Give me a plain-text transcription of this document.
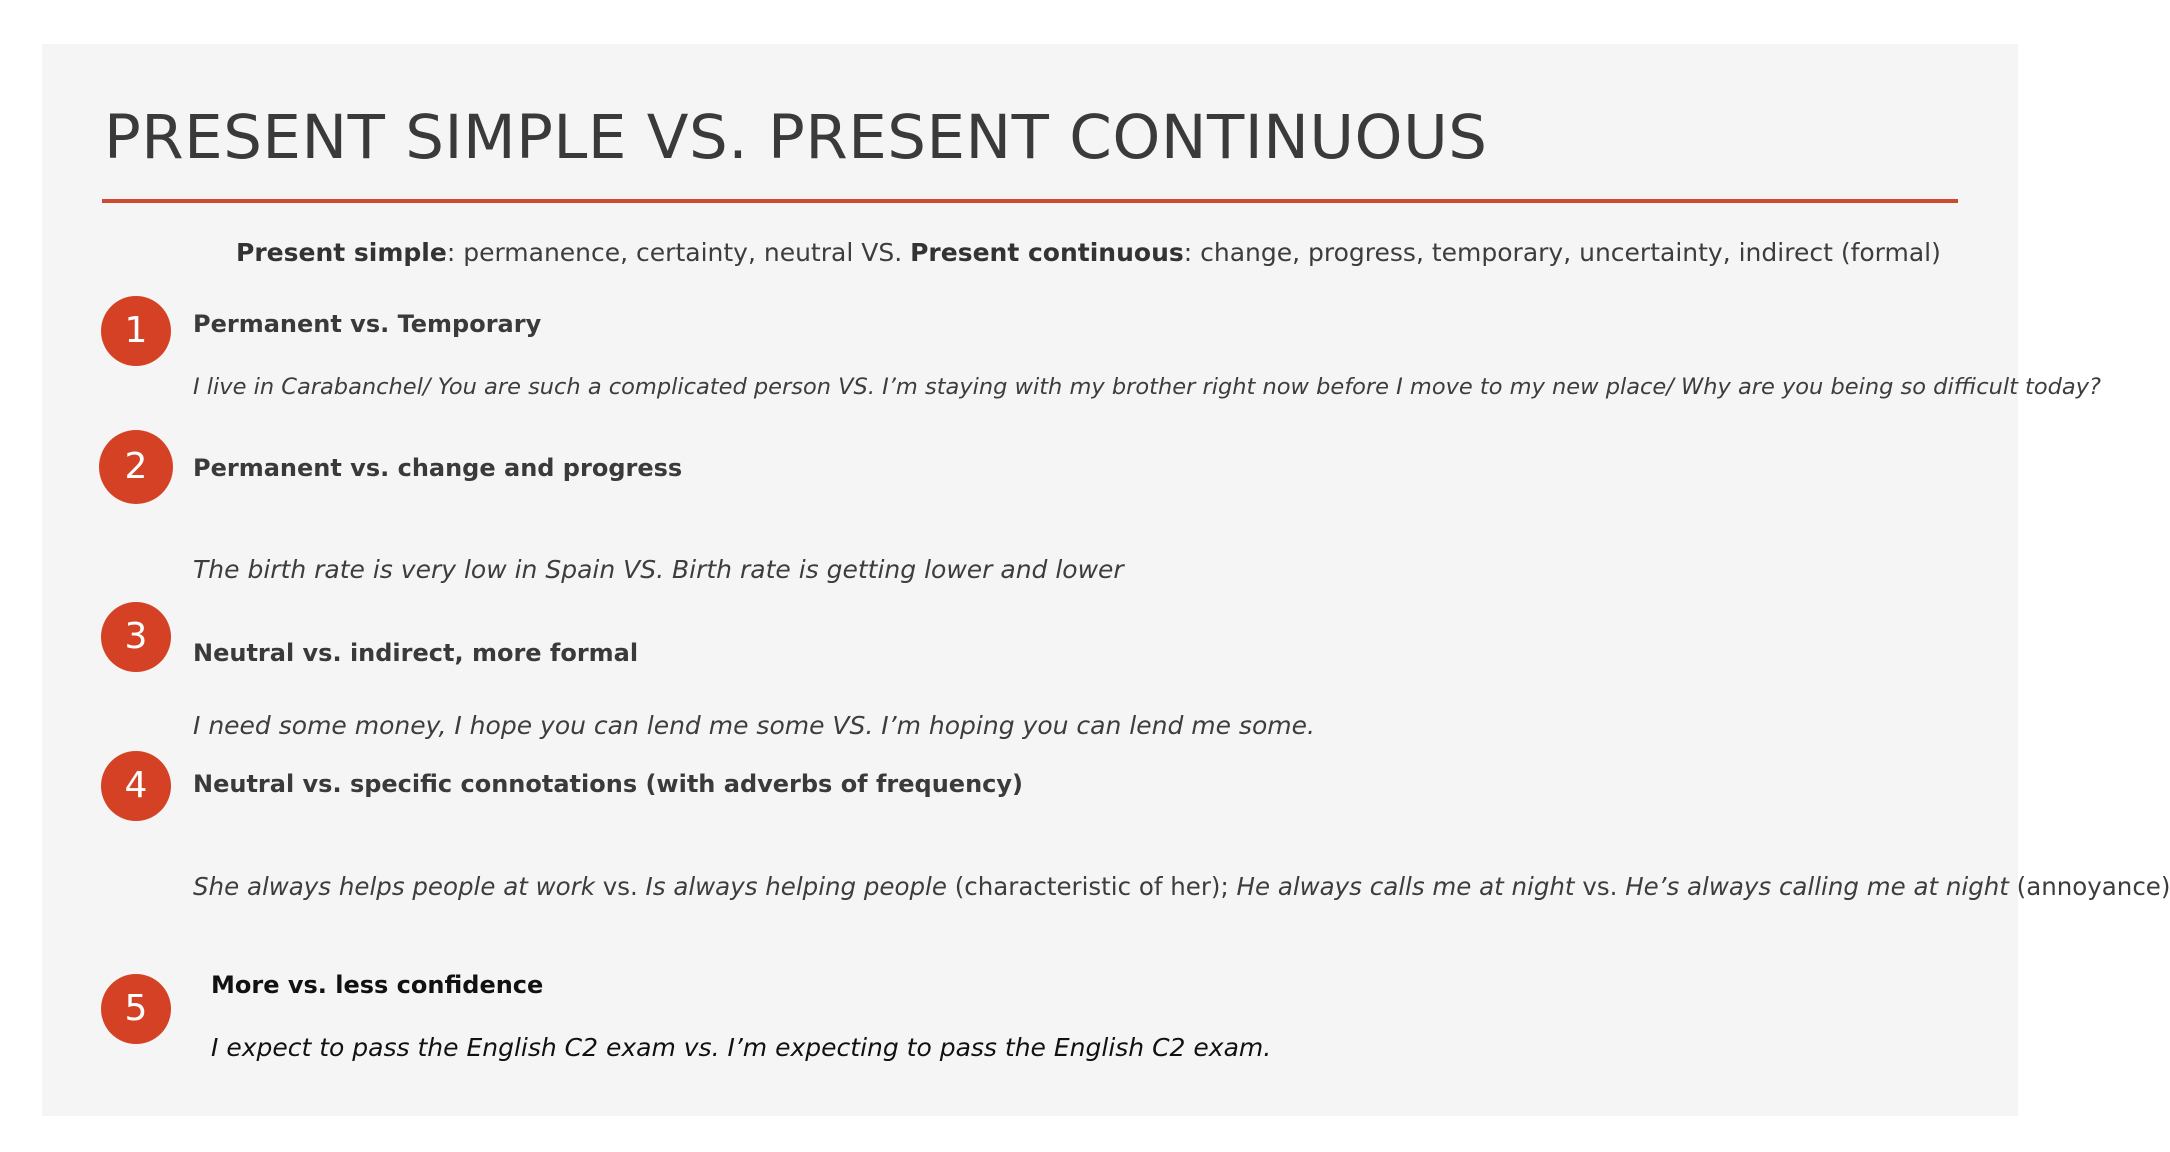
PRESENT SIMPLE VS. PRESENT CONTINUOUS
Present simple: permanence, certainty, neutral VS. Present continuous: change, progress, temporary, uncertainty, indirect (formal)
1	Permanent vs. Temporary
I live in Carabanchel/ You are such a complicated person VS. I’m staying with my brother right now before I move to my new place/ Why are you being so difficult today?
2	Permanent vs. change and progress
The birth rate is very low in Spain VS. Birth rate is getting lower and lower
3	Neutral vs. indirect, more formal
I need some money, I hope you can lend me some VS. I’m hoping you can lend me some.
4	Neutral vs. specific connotations (with adverbs of frequency)
She always helps people at work vs. Is always helping people (characteristic of her); He always calls me at night vs. He’s always calling me at night (annoyance)
5
More vs. less confidence
I expect to pass the English C2 exam vs. I’m expecting to pass the English C2 exam.
